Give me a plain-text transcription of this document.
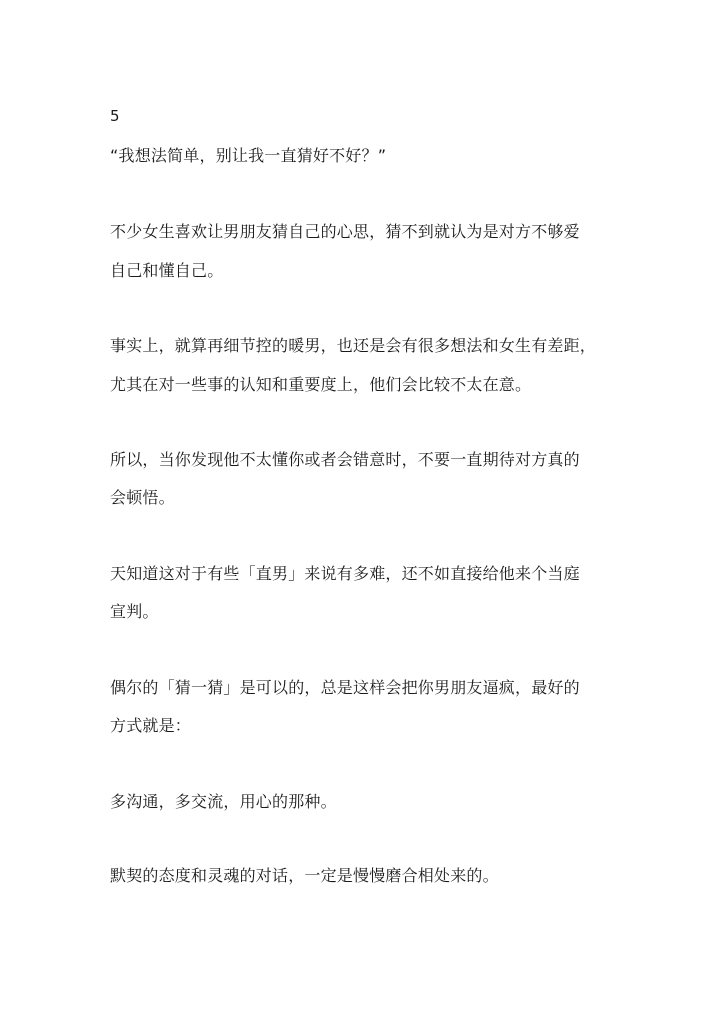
5
“我想法简单，别让我一直猜好不好？”
不少女生喜欢让男朋友猜自己的心思，猜不到就认为是对方不够爱
自己和懂自己。
事实上，就算再细节控的暖男，也还是会有很多想法和女生有差距，
尤其在对一些事的认知和重要度上，他们会比较不太在意。
所以，当你发现他不太懂你或者会错意时，不要一直期待对方真的
会顿悟。
天知道这对于有些「直男」来说有多难，还不如直接给他来个当庭
宣判。
偶尔的「猜一猜」是可以的，总是这样会把你男朋友逼疯，最好的
方式就是：
多沟通，多交流，用心的那种。
默契的态度和灵魂的对话，一定是慢慢磨合相处来的。
